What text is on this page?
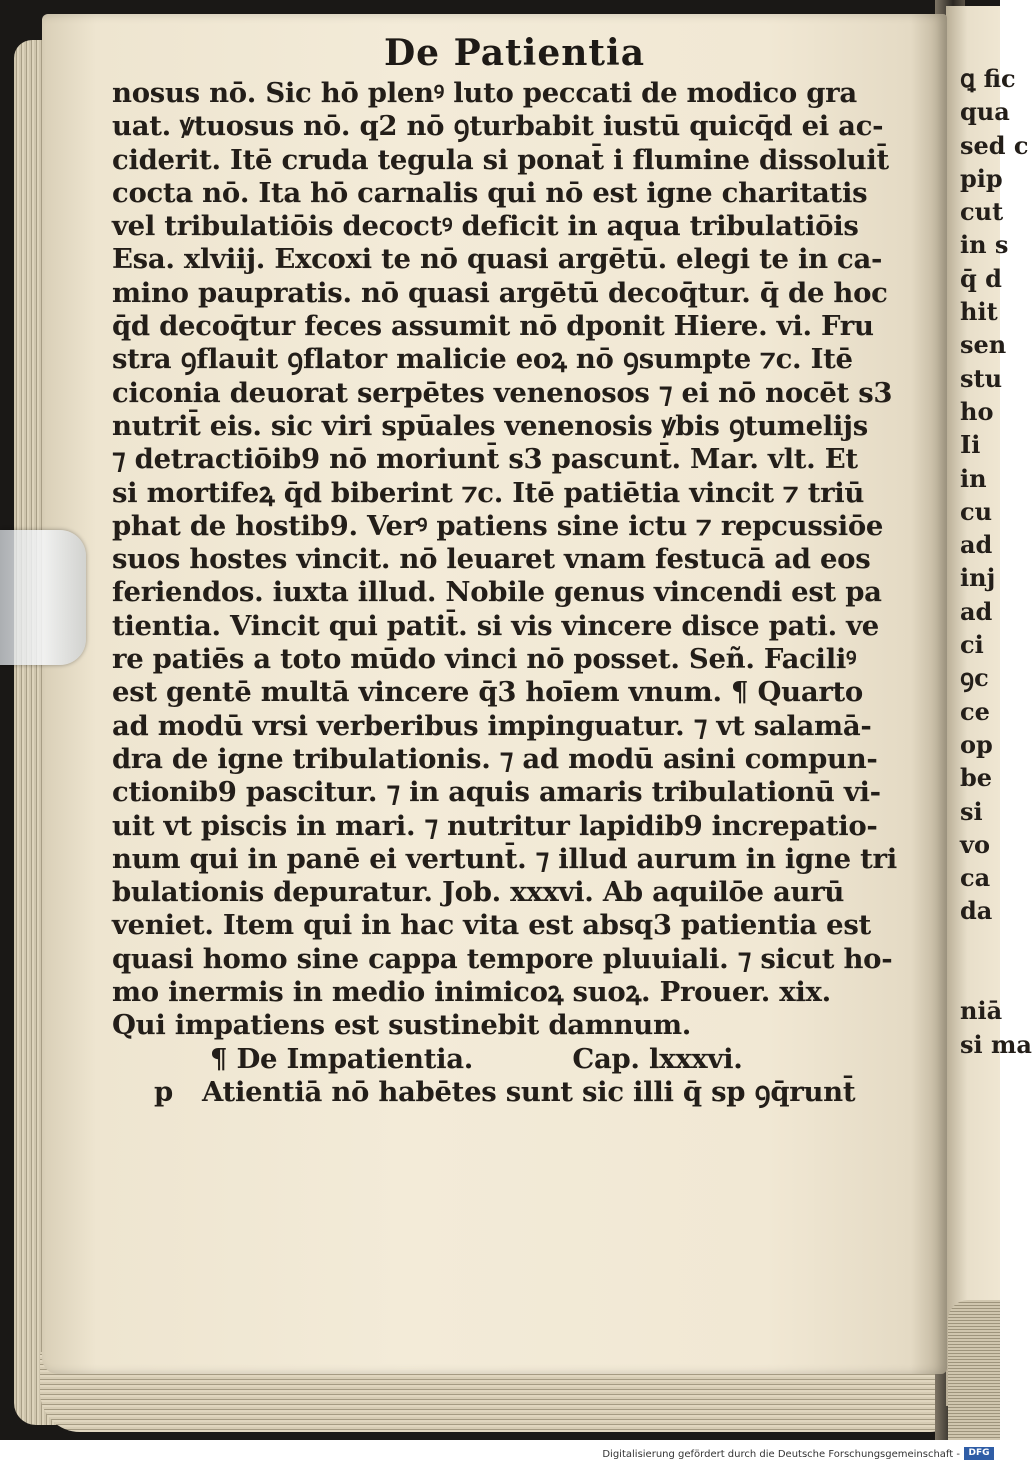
ꝗ fic
qua
sed c
pip
cut
in s
q̄ d
hit
sen
stu
ho
Ii
in
cu
ad
inj
ad
ci
ꝯc
ce
op
be
si
vo
ca
da
niā
si ma
De Patientia
nosus nō. Sic hō plenꝰ luto peccati de modico gra
uat. ꝟtuosus nō. q2 nō ꝯturbabit iustū quicq̄d ei ac-
ciderit. Itē cruda tegula si ponat̄ i flumine dissoluit̄
cocta nō. Ita hō carnalis qui nō est igne charitatis
vel tribulatiōis decoctꝰ deficit in aqua tribulatiōis
Esa. xlviij. Excoxi te nō quasi argētū. elegi te in ca-
mino paupratis. nō quasi argētū decoq̄tur. q̄ de hoc
q̄d decoq̄tur feces assumit nō dponit Hiere. vi. Fru
stra ꝯflauit ꝯflator malicie eoꝝ nō ꝯsumpte ⁊c. Itē
ciconia deuorat serpētes venenosos ⁊ ei nō nocēt s3
nutrit̄ eis. sic viri spūales venenosis ꝟbis ꝯtumelijs
⁊ detractiōib9 nō moriunt̄ s3 pascunt̄. Mar. vlt. Et
si mortifeꝝ q̄d biberint ⁊c. Itē patiētia vincit ⁊ triū
phat de hostib9. Verꝰ patiens sine ictu ⁊ repcussiōe
suos hostes vincit. nō leuaret vnam festucā ad eos
feriendos. iuxta illud. Nobile genus vincendi est pa
tientia. Vincit qui patit̄. si vis vincere disce pati. ve
re patiēs a toto mūdo vinci nō posset. Señ. Faciliꝰ
est gentē multā vincere q̄3 hoīem vnum. ¶ Quarto
ad modū vrsi verberibus impinguatur. ⁊ vt salamā-
dra de igne tribulationis. ⁊ ad modū asini compun-
ctionib9 pascitur. ⁊ in aquis amaris tribulationū vi-
uit vt piscis in mari. ⁊ nutritur lapidib9 increpatio-
num qui in panē ei vertunt̄. ⁊ illud aurum in igne tri
bulationis depuratur. Job. xxxvi. Ab aquilōe aurū
veniet. Item qui in hac vita est absq3 patientia est
quasi homo sine cappa tempore pluuiali. ⁊ sicut ho-
mo inermis in medio inimicoꝝ suoꝝ. Prouer. xix.
Qui impatiens est sustinebit damnum.
¶ De Impatientia.	Cap. lxxxvi.
p Atientiā nō habētes sunt sic illi q̄ sp ꝯq̄runt̄
Digitalisierung gefördert durch die Deutsche Forschungsgemeinschaft - DFG
